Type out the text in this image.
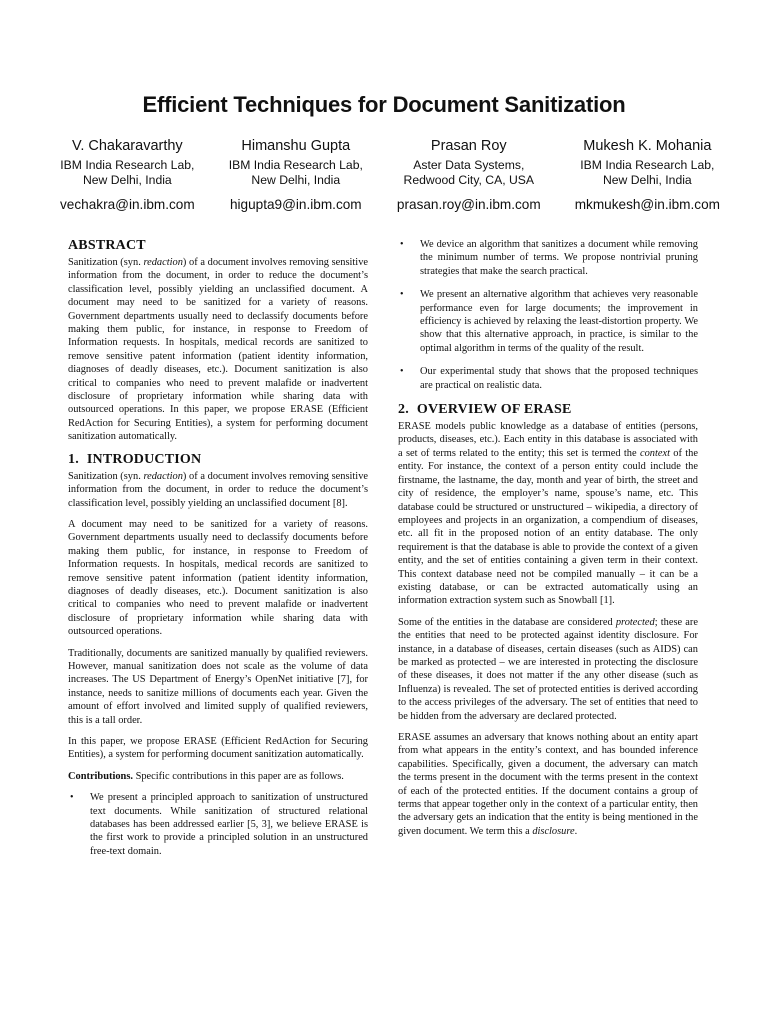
Efficient Techniques for Document Sanitization
V. Chakaravarthy
IBM India Research Lab,
New Delhi, India
vechakra@in.ibm.com
Himanshu Gupta
IBM India Research Lab,
New Delhi, India
higupta9@in.ibm.com
Prasan Roy
Aster Data Systems,
Redwood City, CA, USA
prasan.roy@in.ibm.com
Mukesh K. Mohania
IBM India Research Lab,
New Delhi, India
mkmukesh@in.ibm.com
ABSTRACT

Sanitization (syn. redaction) of a document involves removing sensitive information from the document, in order to reduce the document’s classification level, possibly yielding an unclassified document. A document may need to be sanitized for a variety of reasons. Government departments usually need to declassify documents before making them public, for instance, in response to Freedom of Information requests. In hospitals, medical records are sanitized to remove sensitive patent information (patient identity information, diagnoses of deadly diseases, etc.). Document sanitization is also critical to companies who need to prevent malafide or inadvertent disclosure of proprietary information while sharing data with outsourced operations. In this paper, we propose ERASE (Efficient RedAction for Securing Entities), a system for performing document sanitization automatically.

1. INTRODUCTION

Sanitization (syn. redaction) of a document involves removing sensitive information from the document, in order to reduce the document’s classification level, possibly yielding an unclassified document [8].

A document may need to be sanitized for a variety of reasons. Government departments usually need to declassify documents before making them public, for instance, in response to Freedom of Information requests. In hospitals, medical records are sanitized to remove sensitive patent information (patient identity information, diagnoses of deadly diseases, etc.). Document sanitization is also critical to companies who need to prevent malafide or inadvertent disclosure of proprietary information while sharing data with outsourced operations.

Traditionally, documents are sanitized manually by qualified reviewers. However, manual sanitization does not scale as the volume of data increases. The US Department of Energy’s OpenNet initiative [7], for instance, needs to sanitize millions of documents each year. Given the amount of effort involved and limited supply of qualified reviewers, this is a tall order.

In this paper, we propose ERASE (Efficient RedAction for Securing Entities), a system for performing document sanitization automatically.

Contributions. Specific contributions in this paper are as follows.

• We present a principled approach to sanitization of unstructured text documents. While sanitization of structured relational databases has been addressed earlier [5, 3], we believe ERASE is the first work to provide a principled solution in an unstructured free-text domain.
• We device an algorithm that sanitizes a document while removing the minimum number of terms. We propose nontrivial pruning strategies that make the search practical.
• We present an alternative algorithm that achieves very reasonable performance even for large documents; the improvement in efficiency is achieved by relaxing the least-distortion property. We show that this alternative approach, in practice, is similar to the optimal algorithm in terms of the quality of the result.
• Our experimental study that shows that the proposed techniques are practical on realistic data.
2. OVERVIEW OF ERASE

ERASE models public knowledge as a database of entities (persons, products, diseases, etc.). Each entity in this database is associated with a set of terms related to the entity; this set is termed the context of the entity. For instance, the context of a person entity could include the firstname, the lastname, the day, month and year of birth, the street and city of residence, the employer’s name, spouse’s name, etc. This database could be structured or unstructured – wikipedia, a directory of employees and projects in an organization, a compendium of diseases, etc. all fit in the proposed notion of an entity database. The only requirement is that the database is able to provide the context of a given entity, and the set of entities containing a given term in their context. This context database need not be compiled manually – it can be a existing database, or can be extracted automatically using an information extraction system such as Snowball [1].

Some of the entities in the database are considered protected; these are the entities that need to be protected against identity disclosure. For instance, in a database of diseases, certain diseases (such as AIDS) can be marked as protected – we are interested in protecting the disclosure of these diseases, it does not matter if the any other disease (such as Influenza) is revealed. The set of protected entities is derived according to the access privileges of the adversary. The set of entities that need to be hidden from the adversary are declared protected.

ERASE assumes an adversary that knows nothing about an entity apart from what appears in the entity’s context, and has bounded inference capabilities. Specifically, given a document, the adversary can match the terms present in the document with the terms present in the context of each of the protected entities. If the document contains a group of terms that appear together only in the context of a particular entity, then the adversary gets an indication that the entity is being mentioned in the given document. We term this a disclosure.
